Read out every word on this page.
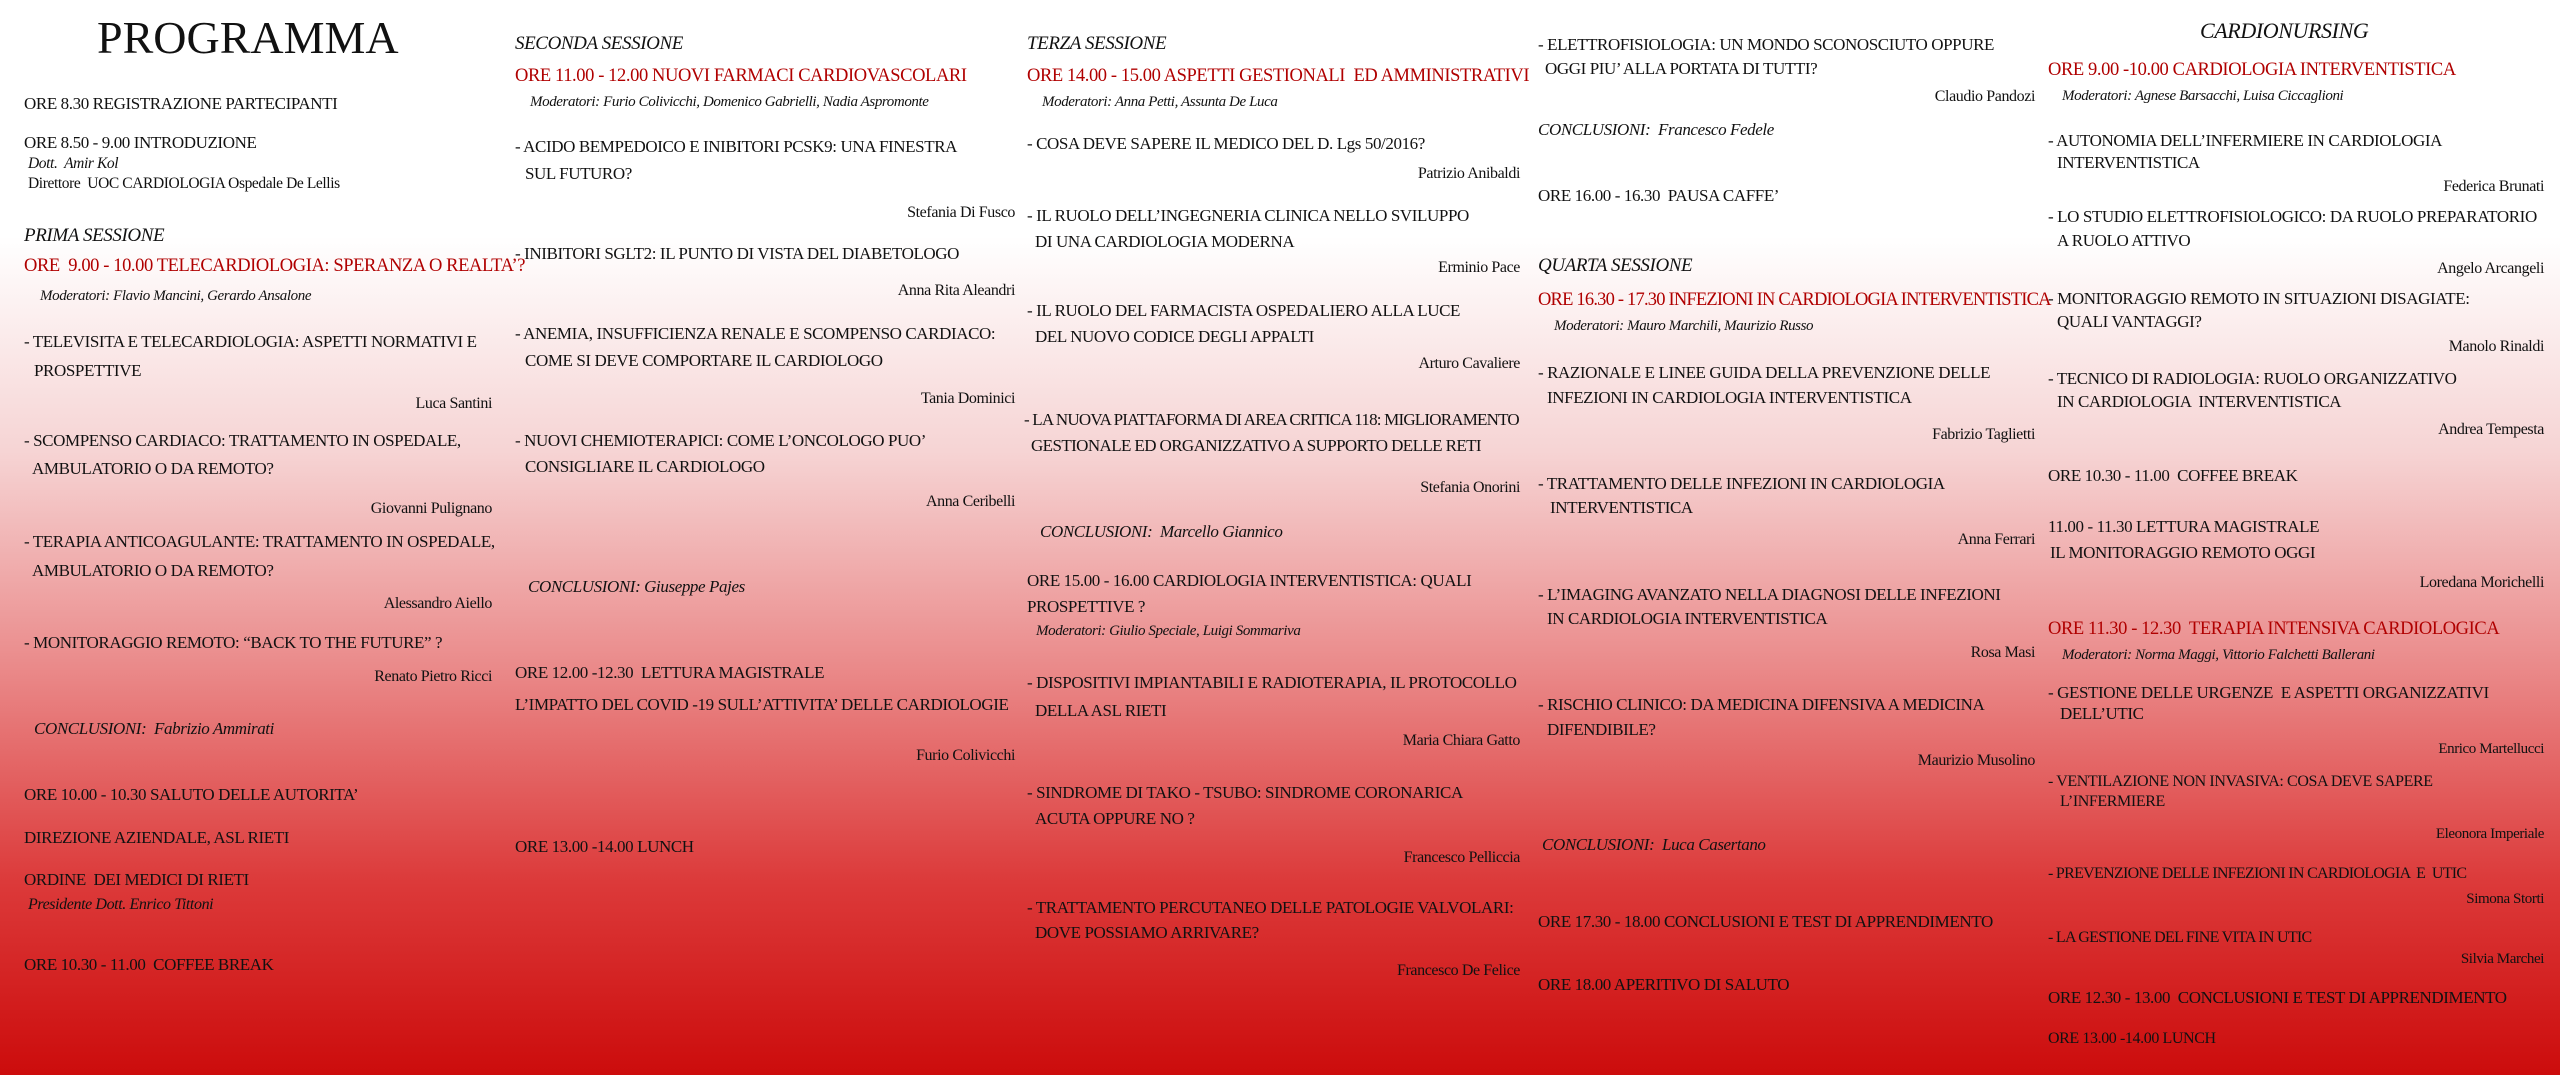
PROGRAMMA
ORE 8.30 REGISTRAZIONE PARTECIPANTI
ORE 8.50 - 9.00 INTRODUZIONE
Dott.  Amir Kol
Direttore  UOC CARDIOLOGIA Ospedale De Lellis
PRIMA SESSIONE
ORE  9.00 - 10.00 TELECARDIOLOGIA: SPERANZA O REALTA’?
Moderatori: Flavio Mancini, Gerardo Ansalone
- TELEVISITA E TELECARDIOLOGIA: ASPETTI NORMATIVI E
PROSPETTIVE
Luca Santini
- SCOMPENSO CARDIACO: TRATTAMENTO IN OSPEDALE,
AMBULATORIO O DA REMOTO?
Giovanni Pulignano
- TERAPIA ANTICOAGULANTE: TRATTAMENTO IN OSPEDALE,
AMBULATORIO O DA REMOTO?
Alessandro Aiello
- MONITORAGGIO REMOTO: “BACK TO THE FUTURE” ?
Renato Pietro Ricci
CONCLUSIONI:  Fabrizio Ammirati
ORE 10.00 - 10.30 SALUTO DELLE AUTORITA’
DIREZIONE AZIENDALE, ASL RIETI
ORDINE  DEI MEDICI DI RIETI
Presidente Dott. Enrico Tittoni
ORE 10.30 - 11.00  COFFEE BREAK
SECONDA SESSIONE
ORE 11.00 - 12.00 NUOVI FARMACI CARDIOVASCOLARI
Moderatori: Furio Colivicchi, Domenico Gabrielli, Nadia Aspromonte
- ACIDO BEMPEDOICO E INIBITORI PCSK9: UNA FINESTRA
SUL FUTURO?
Stefania Di Fusco
- INIBITORI SGLT2: IL PUNTO DI VISTA DEL DIABETOLOGO
Anna Rita Aleandri
- ANEMIA, INSUFFICIENZA RENALE E SCOMPENSO CARDIACO:
COME SI DEVE COMPORTARE IL CARDIOLOGO
Tania Dominici
- NUOVI CHEMIOTERAPICI: COME L’ONCOLOGO PUO’
CONSIGLIARE IL CARDIOLOGO
Anna Ceribelli
CONCLUSIONI: Giuseppe Pajes
ORE 12.00 -12.30  LETTURA MAGISTRALE
L’IMPATTO DEL COVID -19 SULL’ATTIVITA’ DELLE CARDIOLOGIE
Furio Colivicchi
ORE 13.00 -14.00 LUNCH
TERZA SESSIONE
ORE 14.00 - 15.00 ASPETTI GESTIONALI  ED AMMINISTRATIVI
Moderatori: Anna Petti, Assunta De Luca
- COSA DEVE SAPERE IL MEDICO DEL D. Lgs 50/2016?
Patrizio Anibaldi
- IL RUOLO DELL’INGEGNERIA CLINICA NELLO SVILUPPO
DI UNA CARDIOLOGIA MODERNA
Erminio Pace
- IL RUOLO DEL FARMACISTA OSPEDALIERO ALLA LUCE
DEL NUOVO CODICE DEGLI APPALTI
Arturo Cavaliere
- LA NUOVA PIATTAFORMA DI AREA CRITICA 118: MIGLIORAMENTO
GESTIONALE ED ORGANIZZATIVO A SUPPORTO DELLE RETI
Stefania Onorini
CONCLUSIONI:  Marcello Giannico
ORE 15.00 - 16.00 CARDIOLOGIA INTERVENTISTICA: QUALI
PROSPETTIVE ?
Moderatori: Giulio Speciale, Luigi Sommariva
- DISPOSITIVI IMPIANTABILI E RADIOTERAPIA, IL PROTOCOLLO
DELLA ASL RIETI
Maria Chiara Gatto
- SINDROME DI TAKO - TSUBO: SINDROME CORONARICA
ACUTA OPPURE NO ?
Francesco Pelliccia
- TRATTAMENTO PERCUTANEO DELLE PATOLOGIE VALVOLARI:
DOVE POSSIAMO ARRIVARE?
Francesco De Felice
- ELETTROFISIOLOGIA: UN MONDO SCONOSCIUTO OPPURE
OGGI PIU’ ALLA PORTATA DI TUTTI?
Claudio Pandozi
CONCLUSIONI:  Francesco Fedele
ORE 16.00 - 16.30  PAUSA CAFFE’
QUARTA SESSIONE
ORE 16.30 - 17.30 INFEZIONI IN CARDIOLOGIA INTERVENTISTICA
Moderatori: Mauro Marchili, Maurizio Russo
- RAZIONALE E LINEE GUIDA DELLA PREVENZIONE DELLE
INFEZIONI IN CARDIOLOGIA INTERVENTISTICA
Fabrizio Taglietti
- TRATTAMENTO DELLE INFEZIONI IN CARDIOLOGIA
INTERVENTISTICA
Anna Ferrari
- L’IMAGING AVANZATO NELLA DIAGNOSI DELLE INFEZIONI
IN CARDIOLOGIA INTERVENTISTICA
Rosa Masi
- RISCHIO CLINICO: DA MEDICINA DIFENSIVA A MEDICINA
DIFENDIBILE?
Maurizio Musolino
CONCLUSIONI:  Luca Casertano
ORE 17.30 - 18.00 CONCLUSIONI E TEST DI APPRENDIMENTO
ORE 18.00 APERITIVO DI SALUTO
CARDIONURSING
ORE 9.00 -10.00 CARDIOLOGIA INTERVENTISTICA
Moderatori: Agnese Barsacchi, Luisa Ciccaglioni
- AUTONOMIA DELL’INFERMIERE IN CARDIOLOGIA
INTERVENTISTICA
Federica Brunati
- LO STUDIO ELETTROFISIOLOGICO: DA RUOLO PREPARATORIO
A RUOLO ATTIVO
Angelo Arcangeli
- MONITORAGGIO REMOTO IN SITUAZIONI DISAGIATE:
QUALI VANTAGGI?
Manolo Rinaldi
- TECNICO DI RADIOLOGIA: RUOLO ORGANIZZATIVO
IN CARDIOLOGIA  INTERVENTISTICA
Andrea Tempesta
ORE 10.30 - 11.00  COFFEE BREAK
11.00 - 11.30 LETTURA MAGISTRALE
IL MONITORAGGIO REMOTO OGGI
Loredana Morichelli
ORE 11.30 - 12.30  TERAPIA INTENSIVA CARDIOLOGICA
Moderatori: Norma Maggi, Vittorio Falchetti Ballerani
- GESTIONE DELLE URGENZE  E ASPETTI ORGANIZZATIVI
DELL’UTIC
Enrico Martellucci
- VENTILAZIONE NON INVASIVA: COSA DEVE SAPERE
L’INFERMIERE
Eleonora Imperiale
- PREVENZIONE DELLE INFEZIONI IN CARDIOLOGIA  E  UTIC
Simona Storti
- LA GESTIONE DEL FINE VITA IN UTIC
Silvia Marchei
ORE 12.30 - 13.00  CONCLUSIONI E TEST DI APPRENDIMENTO
ORE 13.00 -14.00 LUNCH
